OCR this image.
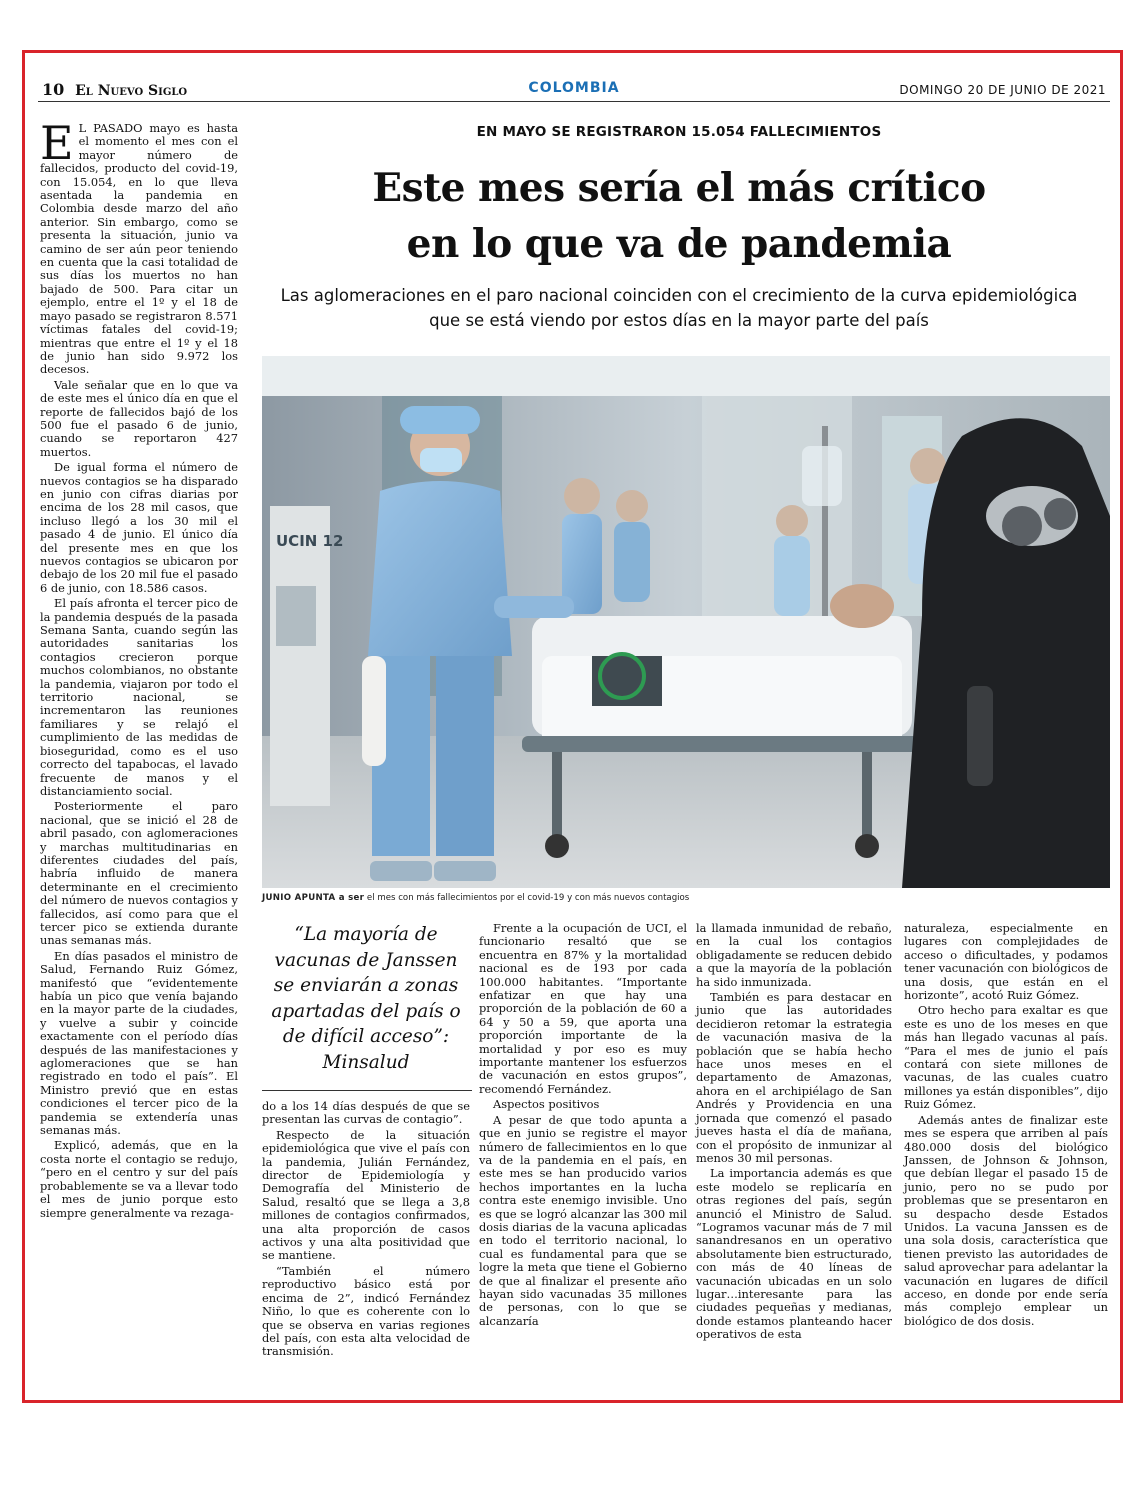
10 El Nuevo Siglo	COLOMBIA	DOMINGO 20 DE JUNIO DE 2021

E L PASADO mayo es hasta el momento el mes con el mayor número de fallecidos, producto del covid-19, con 15.054, en lo que lleva asentada la pandemia en Colombia desde marzo del año anterior. Sin embargo, como se presenta la situación, junio va camino de ser aún peor teniendo en cuenta que la casi totalidad de sus días los muertos no han bajado de 500. Para citar un ejemplo, entre el 1º y el 18 de mayo pasado se registraron 8.571 víctimas fatales del covid-19; mientras que entre el 1º y el 18 de junio han sido 9.972 los decesos.

Vale señalar que en lo que va de este mes el único día en que el reporte de fallecidos bajó de los 500 fue el pasado 6 de junio, cuando se reportaron 427 muertos.

De igual forma el número de nuevos contagios se ha disparado en junio con cifras diarias por encima de los 28 mil casos, que incluso llegó a los 30 mil el pasado 4 de junio. El único día del presente mes en que los nuevos contagios se ubicaron por debajo de los 20 mil fue el pasado 6 de junio, con 18.586 casos.

El país afronta el tercer pico de la pandemia después de la pasada Semana Santa, cuando según las autoridades sanitarias los contagios crecieron porque muchos colombianos, no obstante la pandemia, viajaron por todo el territorio nacional, se incrementaron las reuniones familiares y se relajó el cumplimiento de las medidas de bioseguridad, como es el uso correcto del tapabocas, el lavado frecuente de manos y el distanciamiento social.

Posteriormente el paro nacional, que se inició el 28 de abril pasado, con aglomeraciones y marchas multitudinarias en diferentes ciudades del país, habría influido de manera determinante en el crecimiento del número de nuevos contagios y fallecidos, así como para que el tercer pico se extienda durante unas semanas más.

En días pasados el ministro de Salud, Fernando Ruiz Gómez, manifestó que “evidentemente había un pico que venía bajando en la mayor parte de la ciudades, y vuelve a subir y coincide exactamente con el período días después de las manifestaciones y aglomeraciones que se han registrado en todo el país”. El Ministro previó que en estas condiciones el tercer pico de la pandemia se extendería unas semanas más.

Explicó, además, que en la costa norte el contagio se redujo, “pero en el centro y sur del país probablemente se va a llevar todo el mes de junio porque esto siempre generalmente va rezaga-

EN MAYO SE REGISTRARON 15.054 FALLECIMIENTOS
Este mes sería el más crítico
en lo que va de pandemia
Las aglomeraciones en el paro nacional coinciden con el crecimiento de la curva epidemiológica
que se está viendo por estos días en la mayor parte del país
UCIN 12
JUNIO APUNTA a ser el mes con más fallecimientos por el covid-19 y con más nuevos contagios

“La mayoría de vacunas de Janssen se enviarán a zonas apartadas del país o de difícil acceso”: Minsalud

do a los 14 días después de que se presentan las curvas de contagio”.

Respecto de la situación epidemiológica que vive el país con la pandemia, Julián Fernández, director de Epidemiología y Demografía del Ministerio de Salud, resaltó que se llega a 3,8 millones de contagios confirmados, una alta proporción de casos activos y una alta positividad que se mantiene.

“También el número reproductivo básico está por encima de 2”, indicó Fernández Niño, lo que es coherente con lo que se observa en varias regiones del país, con esta alta velocidad de transmisión.

Frente a la ocupación de UCI, el funcionario resaltó que se encuentra en 87% y la mortalidad nacional es de 193 por cada 100.000 habitantes. “Importante enfatizar en que hay una proporción de la población de 60 a 64 y 50 a 59, que aporta una proporción importante de la mortalidad y por eso es muy importante mantener los esfuerzos de vacunación en estos grupos”, recomendó Fernández.

Aspectos positivos

A pesar de que todo apunta a que en junio se registre el mayor número de fallecimientos en lo que va de la pandemia en el país, en este mes se han producido varios hechos importantes en la lucha contra este enemigo invisible. Uno es que se logró alcanzar las 300 mil dosis diarias de la vacuna aplicadas en todo el territorio nacional, lo cual es fundamental para que se logre la meta que tiene el Gobierno de que al finalizar el presente año hayan sido vacunadas 35 millones de personas, con lo que se alcanzaría

la llamada inmunidad de rebaño, en la cual los contagios obligadamente se reducen debido a que la mayoría de la población ha sido inmunizada.

También es para destacar en junio que las autoridades decidieron retomar la estrategia de vacunación masiva de la población que se había hecho hace unos meses en el departamento de Amazonas, ahora en el archipiélago de San Andrés y Providencia en una jornada que comenzó el pasado jueves hasta el día de mañana, con el propósito de inmunizar al menos 30 mil personas.

La importancia además es que este modelo se replicaría en otras regiones del país, según anunció el Ministro de Salud. “Logramos vacunar más de 7 mil sanandresanos en un operativo absolutamente bien estructurado, con más de 40 líneas de vacunación ubicadas en un solo lugar…interesante para las ciudades pequeñas y medianas, donde estamos planteando hacer operativos de esta

naturaleza, especialmente en lugares con complejidades de acceso o dificultades, y podamos tener vacunación con biológicos de una dosis, que están en el horizonte”, acotó Ruiz Gómez.

Otro hecho para exaltar es que este es uno de los meses en que más han llegado vacunas al país. “Para el mes de junio el país contará con siete millones de vacunas, de las cuales cuatro millones ya están disponibles”, dijo Ruiz Gómez.

Además antes de finalizar este mes se espera que arriben al país 480.000 dosis del biológico Janssen, de Johnson & Johnson, que debían llegar el pasado 15 de junio, pero no se pudo por problemas que se presentaron en su despacho desde Estados Unidos. La vacuna Janssen es de una sola dosis, característica que tienen previsto las autoridades de salud aprovechar para adelantar la vacunación en lugares de difícil acceso, en donde por ende sería más complejo emplear un biológico de dos dosis.
